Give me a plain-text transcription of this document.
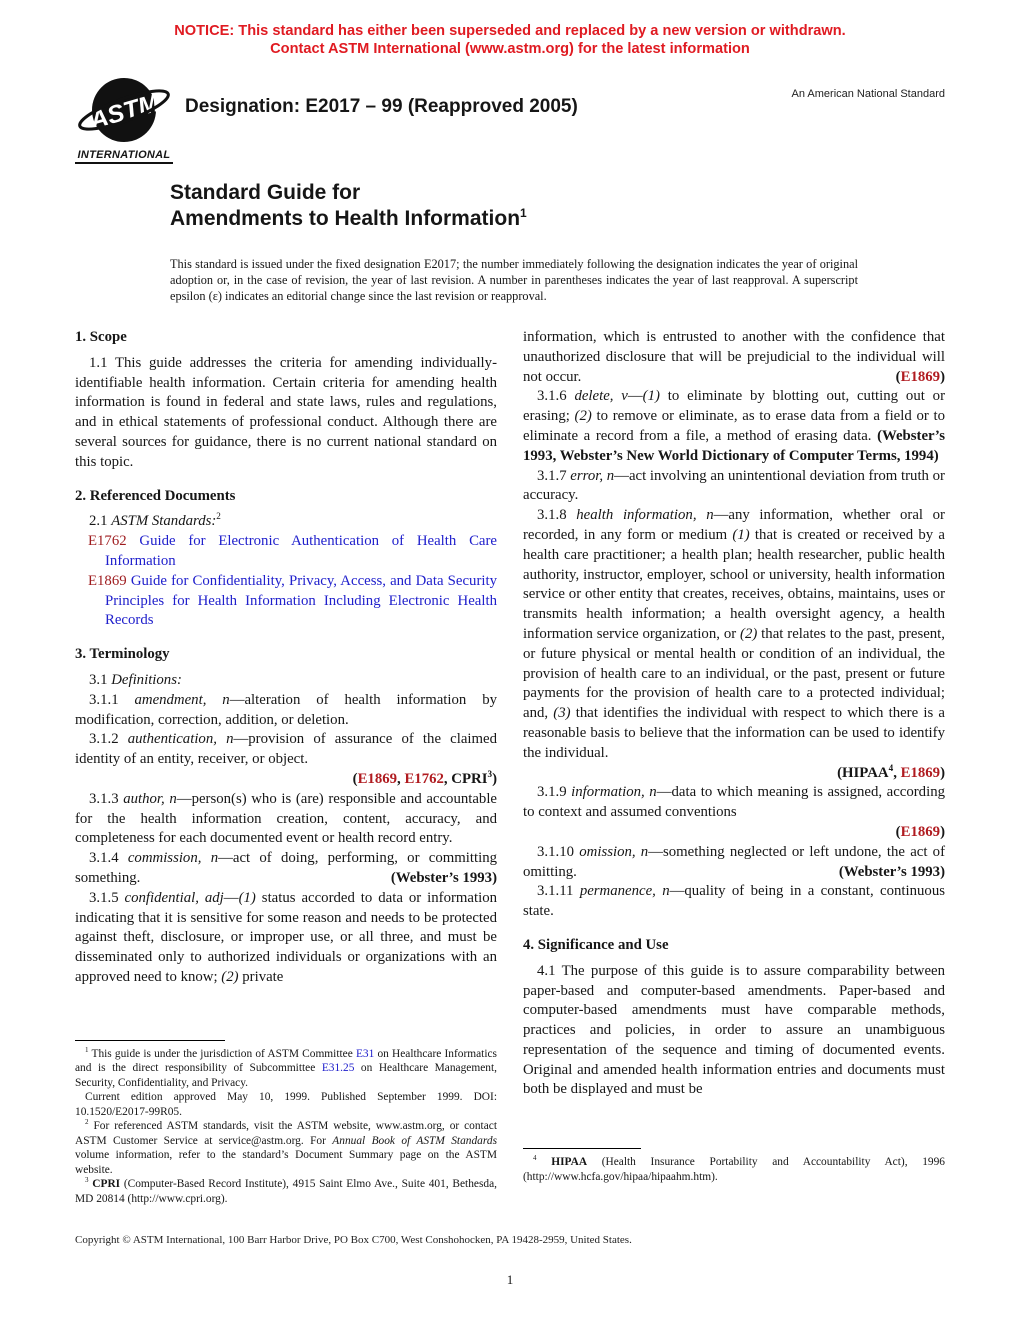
NOTICE: This standard has either been superseded and replaced by a new version or withdrawn.
Contact ASTM International (www.astm.org) for the latest information
ASTM
INTERNATIONAL
Designation: E2017 – 99 (Reapproved 2005)
An American National Standard
Standard Guide for
Amendments to Health Information$^1$

This standard is issued under the fixed designation E2017; the number immediately following the designation indicates the year of original adoption or, in the case of revision, the year of last revision. A number in parentheses indicates the year of last reapproval. A superscript epsilon (ε) indicates an editorial change since the last revision or reapproval.

1. Scope
1.1 This guide addresses the criteria for amending individually-identifiable health information. Certain criteria for amending health information is found in federal and state laws, rules and regulations, and in ethical statements of professional conduct. Although there are several sources for guidance, there is no current national standard on this topic.
2. Referenced Documents
2.1 ASTM Standards:$^2$
E1762 Guide for Electronic Authentication of Health Care Information
E1869 Guide for Confidentiality, Privacy, Access, and Data Security Principles for Health Information Including Electronic Health Records
3. Terminology
3.1 Definitions:
3.1.1 amendment, n—alteration of health information by modification, correction, addition, or deletion.
3.1.2 authentication, n—provision of assurance of the claimed identity of an entity, receiver, or object.
(E1869, E1762, CPRI$^3$)
3.1.3 author, n—person(s) who is (are) responsible and accountable for the health information creation, content, accuracy, and completeness for each documented event or health record entry.
3.1.4 commission, n—act of doing, performing, or committing something.	(Webster’s 1993)
3.1.5 confidential, adj—(1) status accorded to data or information indicating that it is sensitive for some reason and needs to be protected against theft, disclosure, or improper use, or all three, and must be disseminated only to authorized individuals or organizations with an approved need to know; (2) private
$^1$ This guide is under the jurisdiction of ASTM Committee E31 on Healthcare Informatics and is the direct responsibility of Subcommittee E31.25 on Healthcare Management, Security, Confidentiality, and Privacy.
Current edition approved May 10, 1999. Published September 1999. DOI: 10.1520/E2017-99R05.
$^2$ For referenced ASTM standards, visit the ASTM website, www.astm.org, or contact ASTM Customer Service at service@astm.org. For Annual Book of ASTM Standards volume information, refer to the standard’s Document Summary page on the ASTM website.
$^3$ CPRI (Computer-Based Record Institute), 4915 Saint Elmo Ave., Suite 401, Bethesda, MD 20814 (http://www.cpri.org).
information, which is entrusted to another with the confidence that unauthorized disclosure that will be prejudicial to the individual will not occur.	(E1869)
3.1.6 delete, v—(1) to eliminate by blotting out, cutting out or erasing; (2) to remove or eliminate, as to erase data from a field or to eliminate a record from a file, a method of erasing data. (Webster’s 1993, Webster’s New World Dictionary of Computer Terms, 1994)
3.1.7 error, n—act involving an unintentional deviation from truth or accuracy.
3.1.8 health information, n—any information, whether oral or recorded, in any form or medium (1) that is created or received by a health care practitioner; a health plan; health researcher, public health authority, instructor, employer, school or university, health information service or other entity that creates, receives, obtains, maintains, uses or transmits health information; a health oversight agency, a health information service organization, or (2) that relates to the past, present, or future physical or mental health or condition of an individual, the provision of health care to an individual, or the past, present or future payments for the provision of health care to a protected individual; and, (3) that identifies the individual with respect to which there is a reasonable basis to believe that the information can be used to identify the individual.
(HIPAA$^4$, E1869)
3.1.9 information, n—data to which meaning is assigned, according to context and assumed conventions
(E1869)
3.1.10 omission, n—something neglected or left undone, the act of omitting.	(Webster’s 1993)
3.1.11 permanence, n—quality of being in a constant, continuous state.
4. Significance and Use
4.1 The purpose of this guide is to assure comparability between paper-based and computer-based amendments. Paper-based and computer-based amendments must have comparable methods, practices and policies, in order to assure an unambiguous representation of the sequence and timing of documented events. Original and amended health information entries and documents must both be displayed and must be
$^4$ HIPAA (Health Insurance Portability and Accountability Act), 1996 (http://www.hcfa.gov/hipaa/hipaahm.htm).
Copyright © ASTM International, 100 Barr Harbor Drive, PO Box C700, West Conshohocken, PA 19428-2959, United States.
1
